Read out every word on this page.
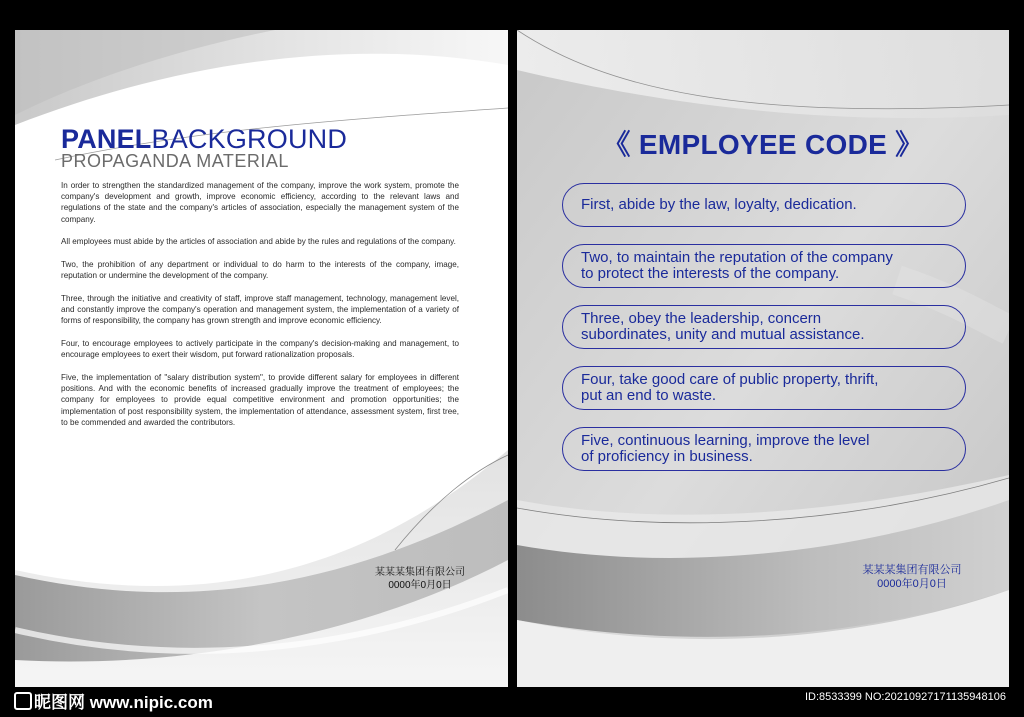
PANELBACKGROUND
PROPAGANDA MATERIAL

In order to strengthen the standardized management of the company, improve the work system, promote the company's development and growth, improve economic efficiency, according to the relevant laws and regulations of the state and the company's articles of association, especially the management system of the company.

All employees must abide by the articles of association and abide by the rules and regulations of the company.

Two, the prohibition of any department or individual to do harm to the interests of the company, image, reputation or undermine the development of the company.

Three, through the initiative and creativity of staff, improve staff management, technology, management level, and constantly improve the company's operation and management system, the implementation of a variety of forms of responsibility, the company has grown strength and improve economic efficiency.

Four, to encourage employees to actively participate in the company's decision-making and management, to encourage employees to exert their wisdom, put forward rationalization proposals.

Five, the implementation of "salary distribution system", to provide different salary for employees in different positions. And with the economic benefits of increased gradually improve the treatment of employees; the company for employees to provide equal competitive environment and promotion opportunities; the implementation of post responsibility system, the implementation of attendance, assessment system, first tree, to be commended and awarded the contributors.

某某某集团有限公司
0000年0月0日
《 EMPLOYEE CODE 》
First, abide by the law, loyalty, dedication.
Two, to maintain the reputation of the company
to protect the interests of the company.
Three, obey the leadership, concern
subordinates, unity and mutual assistance.
Four, take good care of public property, thrift,
put an end to waste.
Five, continuous learning, improve the level
of proficiency in business.
某某某集团有限公司
0000年0月0日
昵图网 www.nipic.com	ID:8533399 NO:20210927171135948106
